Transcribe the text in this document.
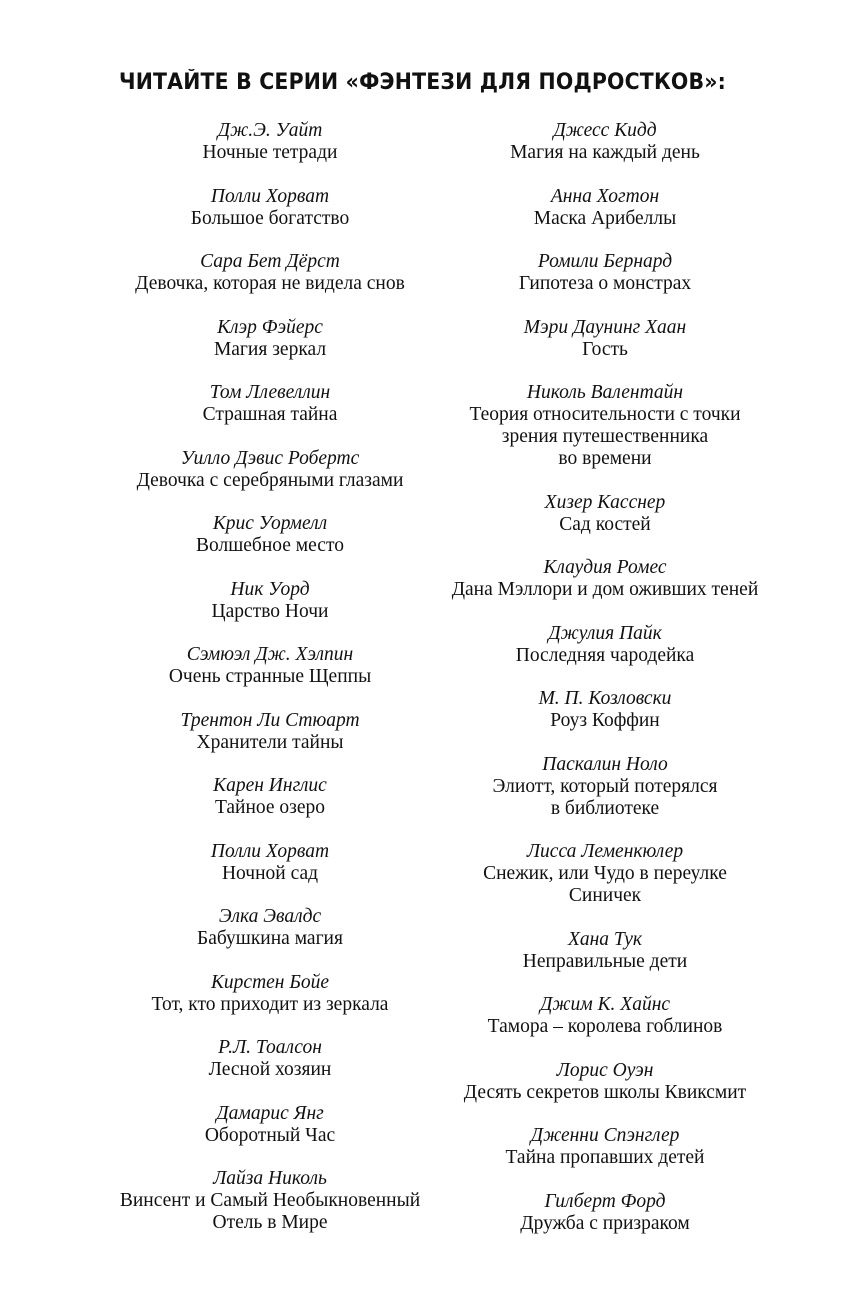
ЧИТАЙТЕ В СЕРИИ «ФЭНТЕЗИ ДЛЯ ПОДРОСТКОВ»:
Дж.Э. Уайт
Ночные тетради
Полли Хорват
Большое богатство
Сара Бет Дёрст
Девочка, которая не видела снов
Клэр Фэйерс
Магия зеркал
Том Ллевеллин
Страшная тайна
Уилло Дэвис Робертс
Девочка с серебряными глазами
Крис Уормелл
Волшебное место
Ник Уорд
Царство Ночи
Сэмюэл Дж. Хэлпин
Очень странные Щеппы
Трентон Ли Стюарт
Хранители тайны
Карен Инглис
Тайное озеро
Полли Хорват
Ночной сад
Элка Эвалдс
Бабушкина магия
Кирстен Бойе
Тот, кто приходит из зеркала
Р.Л. Тоалсон
Лесной хозяин
Дамарис Янг
Оборотный Час
Лайза Николь
Винсент и Самый Необыкновенный
Отель в Мире
Джесс Кидд
Магия на каждый день
Анна Хогтон
Маска Арибеллы
Ромили Бернард
Гипотеза о монстрах
Мэри Даунинг Хаан
Гость
Николь Валентайн
Теория относительности с точки
зрения путешественника
во времени
Хизер Касснер
Сад костей
Клаудия Ромес
Дана Мэллори и дом оживших теней
Джулия Пайк
Последняя чародейка
М. П. Козловски
Роуз Коффин
Паскалин Ноло
Элиотт, который потерялся
в библиотеке
Лисса Леменкюлер
Снежик, или Чудо в переулке
Синичек
Хана Тук
Неправильные дети
Джим К. Хайнс
Тамора – королева гоблинов
Лорис Оуэн
Десять секретов школы Квиксмит
Дженни Спэнглер
Тайна пропавших детей
Гилберт Форд
Дружба с призраком
